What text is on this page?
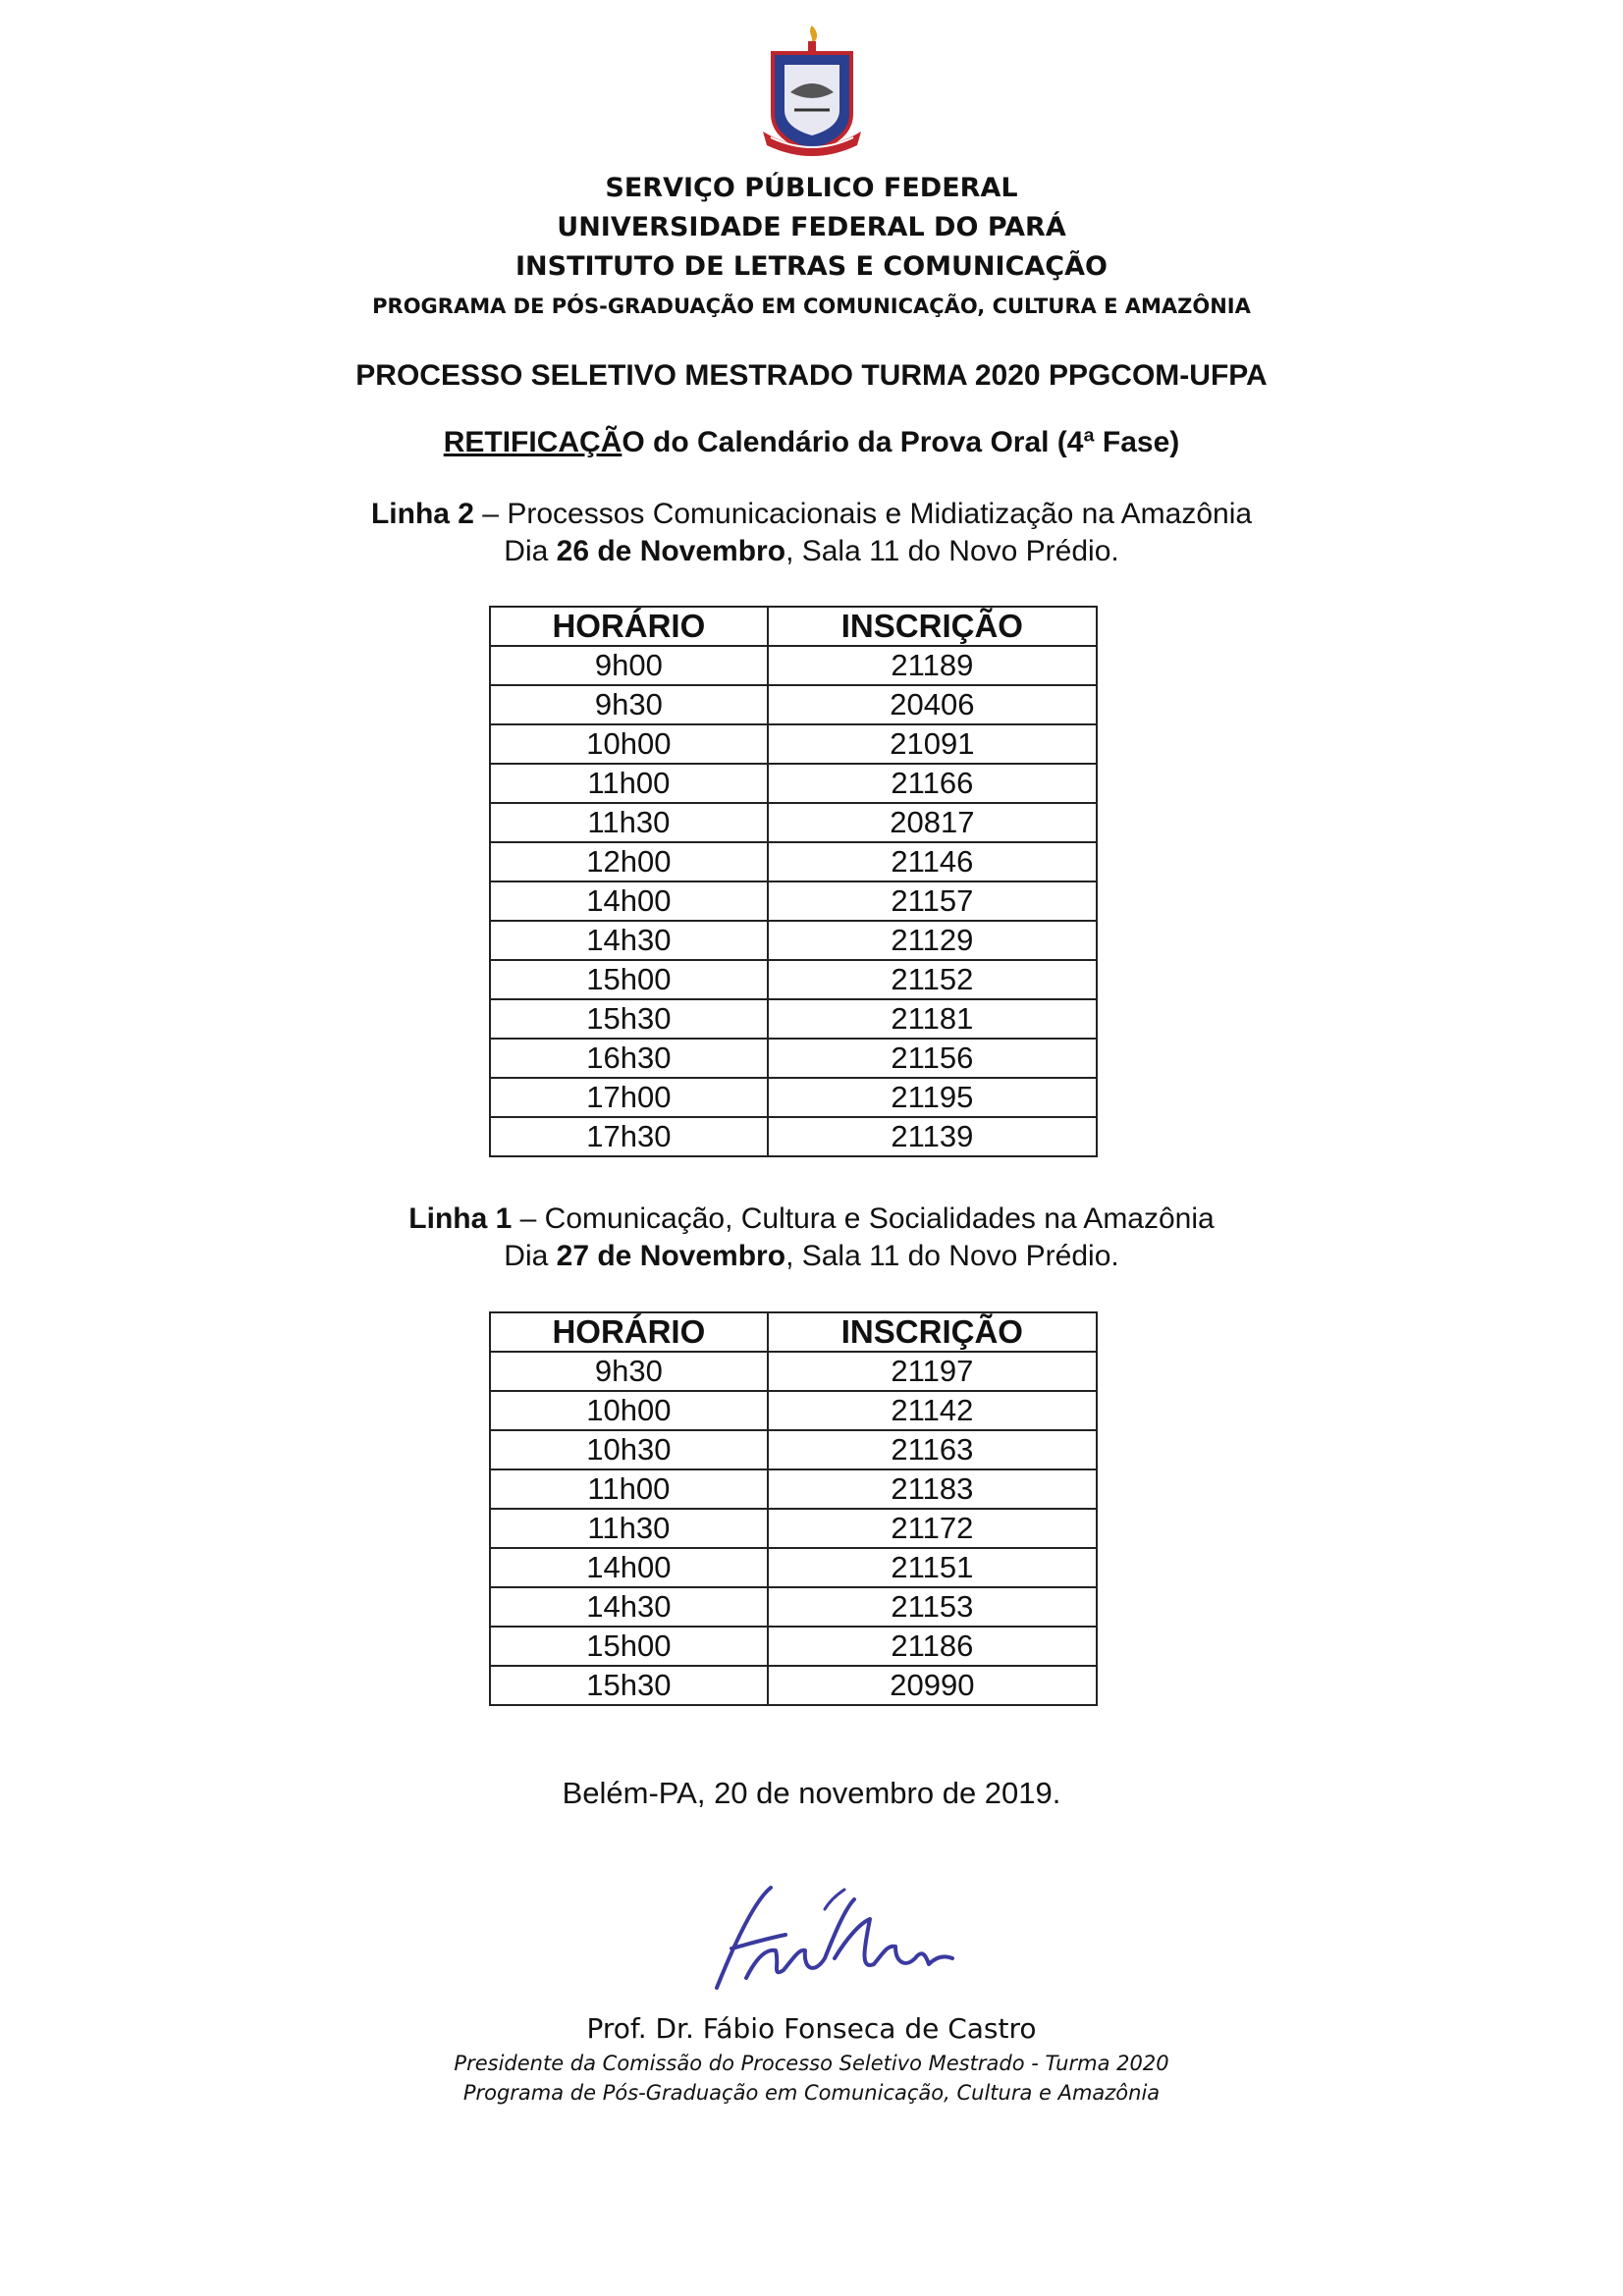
SERVIÇO PÚBLICO FEDERAL
UNIVERSIDADE FEDERAL DO PARÁ
INSTITUTO DE LETRAS E COMUNICAÇÃO
PROGRAMA DE PÓS-GRADUAÇÃO EM COMUNICAÇÃO, CULTURA E AMAZÔNIA
PROCESSO SELETIVO MESTRADO TURMA 2020 PPGCOM-UFPA
RETIFICAÇÃO do Calendário da Prova Oral (4ª Fase)
Linha 2 – Processos Comunicacionais e Midiatização na Amazônia
Dia 26 de Novembro, Sala 11 do Novo Prédio.
HORÁRIO	INSCRIÇÃO
9h00	21189
9h30	20406
10h00	21091
11h00	21166
11h30	20817
12h00	21146
14h00	21157
14h30	21129
15h00	21152
15h30	21181
16h30	21156
17h00	21195
17h30	21139
Linha 1 – Comunicação, Cultura e Socialidades na Amazônia
Dia 27 de Novembro, Sala 11 do Novo Prédio.
HORÁRIO	INSCRIÇÃO
9h30	21197
10h00	21142
10h30	21163
11h00	21183
11h30	21172
14h00	21151
14h30	21153
15h00	21186
15h30	20990
Belém-PA, 20 de novembro de 2019.
Prof. Dr. Fábio Fonseca de Castro
Presidente da Comissão do Processo Seletivo Mestrado - Turma 2020
Programa de Pós-Graduação em Comunicação, Cultura e Amazônia
